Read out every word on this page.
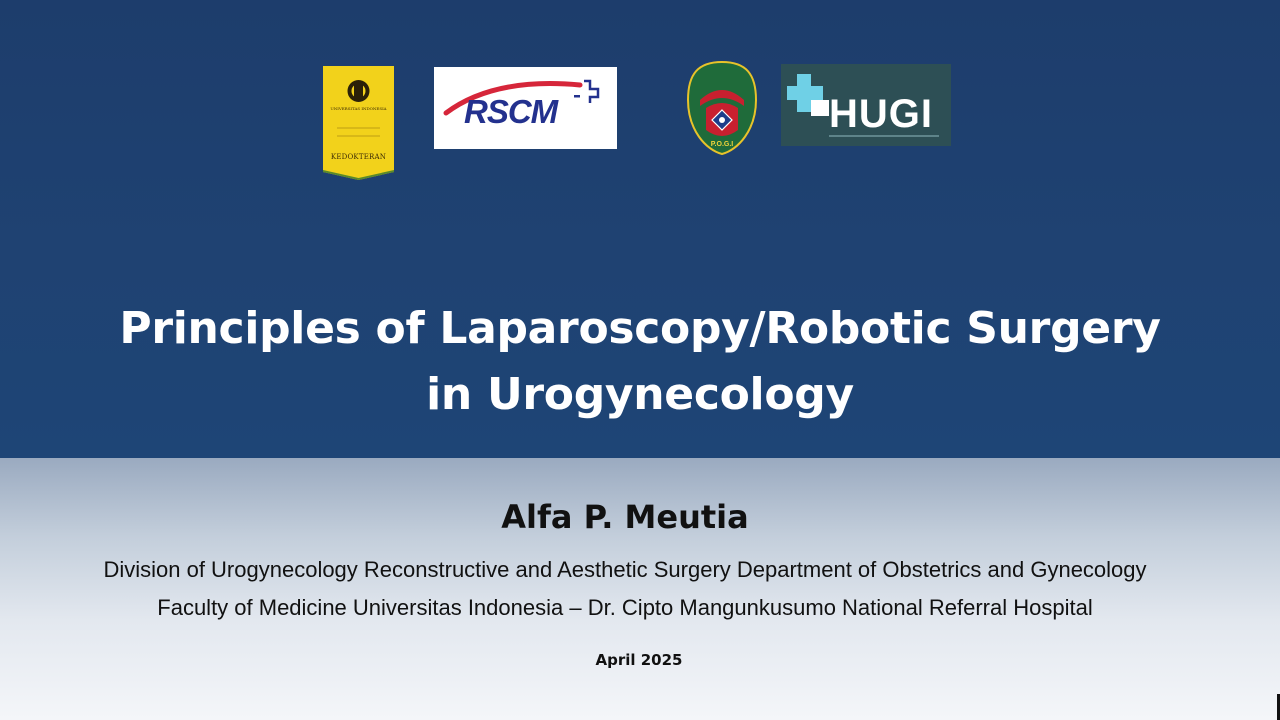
UNIVERSITAS INDONESIA
KEDOKTERAN
RSCM
P.O.G.I
HUGI
Principles of Laparoscopy/Robotic Surgery
in Urogynecology
Alfa P. Meutia
Division of Urogynecology Reconstructive and Aesthetic Surgery Department of Obstetrics and Gynecology
Faculty of Medicine Universitas Indonesia – Dr. Cipto Mangunkusumo National Referral Hospital
April 2025
